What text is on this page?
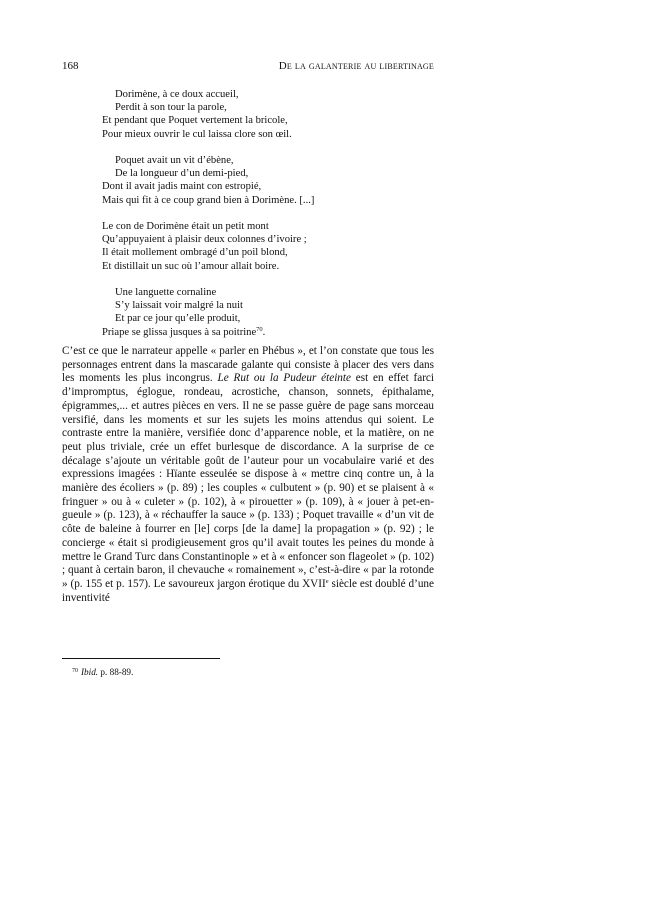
168	De la galanterie au libertinage
Dorimène, à ce doux accueil,
Perdit à son tour la parole,
Et pendant que Poquet vertement la bricole,
Pour mieux ouvrir le cul laissa clore son œil.
Poquet avait un vit d’ébène,
De la longueur d’un demi-pied,
Dont il avait jadis maint con estropié,
Mais qui fit à ce coup grand bien à Dorimène. [...]
Le con de Dorimène était un petit mont
Qu’appuyaient à plaisir deux colonnes d’ivoire ;
Il était mollement ombragé d’un poil blond,
Et distillait un suc où l’amour allait boire.
Une languette cornaline
S’y laissait voir malgré la nuit
Et par ce jour qu’elle produit,
Priape se glissa jusques à sa poitrine$^{70}$.

C’est ce que le narrateur appelle « parler en Phébus », et l’on constate que tous les personnages entrent dans la mascarade galante qui consiste à placer des vers dans les moments les plus incongrus. Le Rut ou la Pudeur éteinte est en effet farci d’impromptus, églogue, rondeau, acrostiche, chanson, sonnets, épithalame, épigrammes,... et autres pièces en vers. Il ne se passe guère de page sans morceau versifié, dans les moments et sur les sujets les moins attendus qui soient. Le contraste entre la manière, versifiée donc d’apparence noble, et la matière, on ne peut plus triviale, crée un effet burlesque de discordance. A la surprise de ce décalage s’ajoute un véritable goût de l’auteur pour un vocabulaire varié et des expressions imagées : Hïante esseulée se dispose à « mettre cinq contre un, à la manière des écoliers » (p. 89) ; les couples « culbutent » (p. 90) et se plaisent à « fringuer » ou à « culeter » (p. 102), à « pirouetter » (p. 109), à « jouer à pet-en-gueule » (p. 123), à « réchauffer la sauce » (p. 133) ; Poquet travaille « d’un vit de côte de baleine à fourrer en [le] corps [de la dame] la propagation » (p. 92) ; le concierge « était si prodigieusement gros qu’il avait toutes les peines du monde à mettre le Grand Turc dans Constantinople » et à « enfoncer son flageolet » (p. 102) ; quant à certain baron, il chevauche « romainement », c’est-à-dire « par la rotonde » (p. 155 et p. 157). Le savoureux jargon érotique du XVIIe siècle est doublé d’une inventivité

$^{70}$ Ibid. p. 88-89.
